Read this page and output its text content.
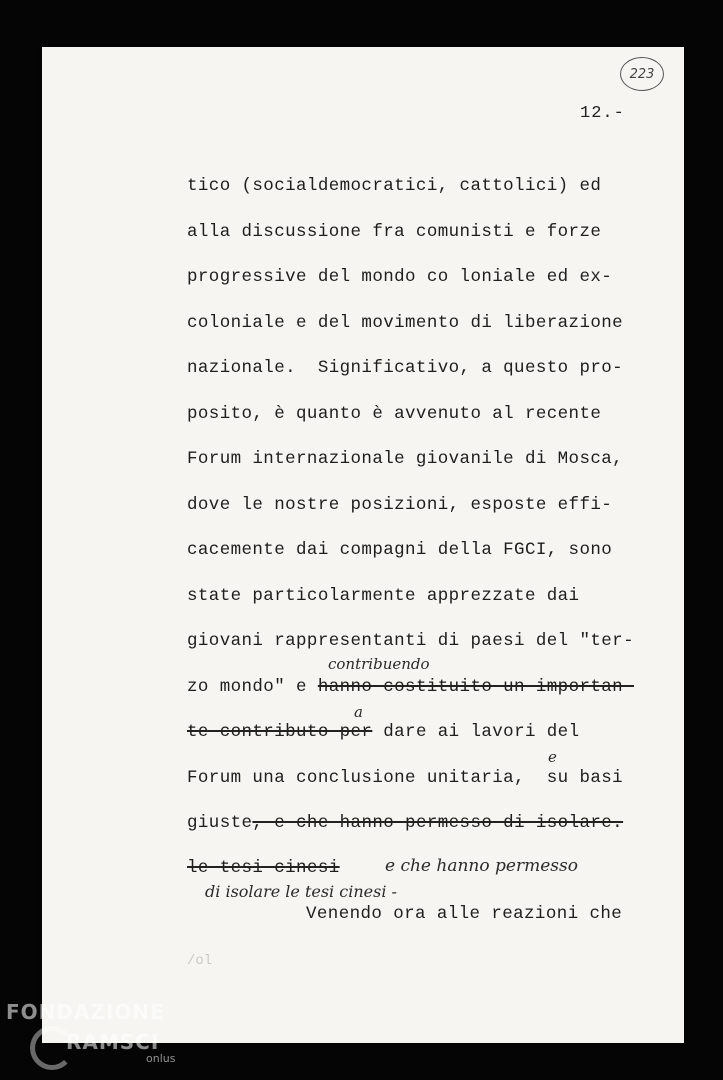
223
12.-
tico (socialdemocratici, cattolici) ed
alla discussione fra comunisti e forze
progressive del mondo co loniale ed ex-
coloniale e del movimento di liberazione
nazionale.  Significativo, a questo pro-
posito, è quanto è avvenuto al recente
Forum internazionale giovanile di Mosca,
dove le nostre posizioni, esposte effi-
cacemente dai compagni della FGCI, sono
state particolarmente apprezzate dai
giovani rappresentanti di paesi del "ter-
contribuendo
zo mondo" e hanno costituito un importan-
a
te contributo per dare ai lavori del
e
Forum una conclusione unitaria,  su basi
giuste, e che hanno permesso di isolare.
le tesi cinesi	e che hanno permesso
di isolare le tesi cinesi -
Venendo ora alle reazioni che
/ol
FONDAZIONE
RAMSCI
onlus
